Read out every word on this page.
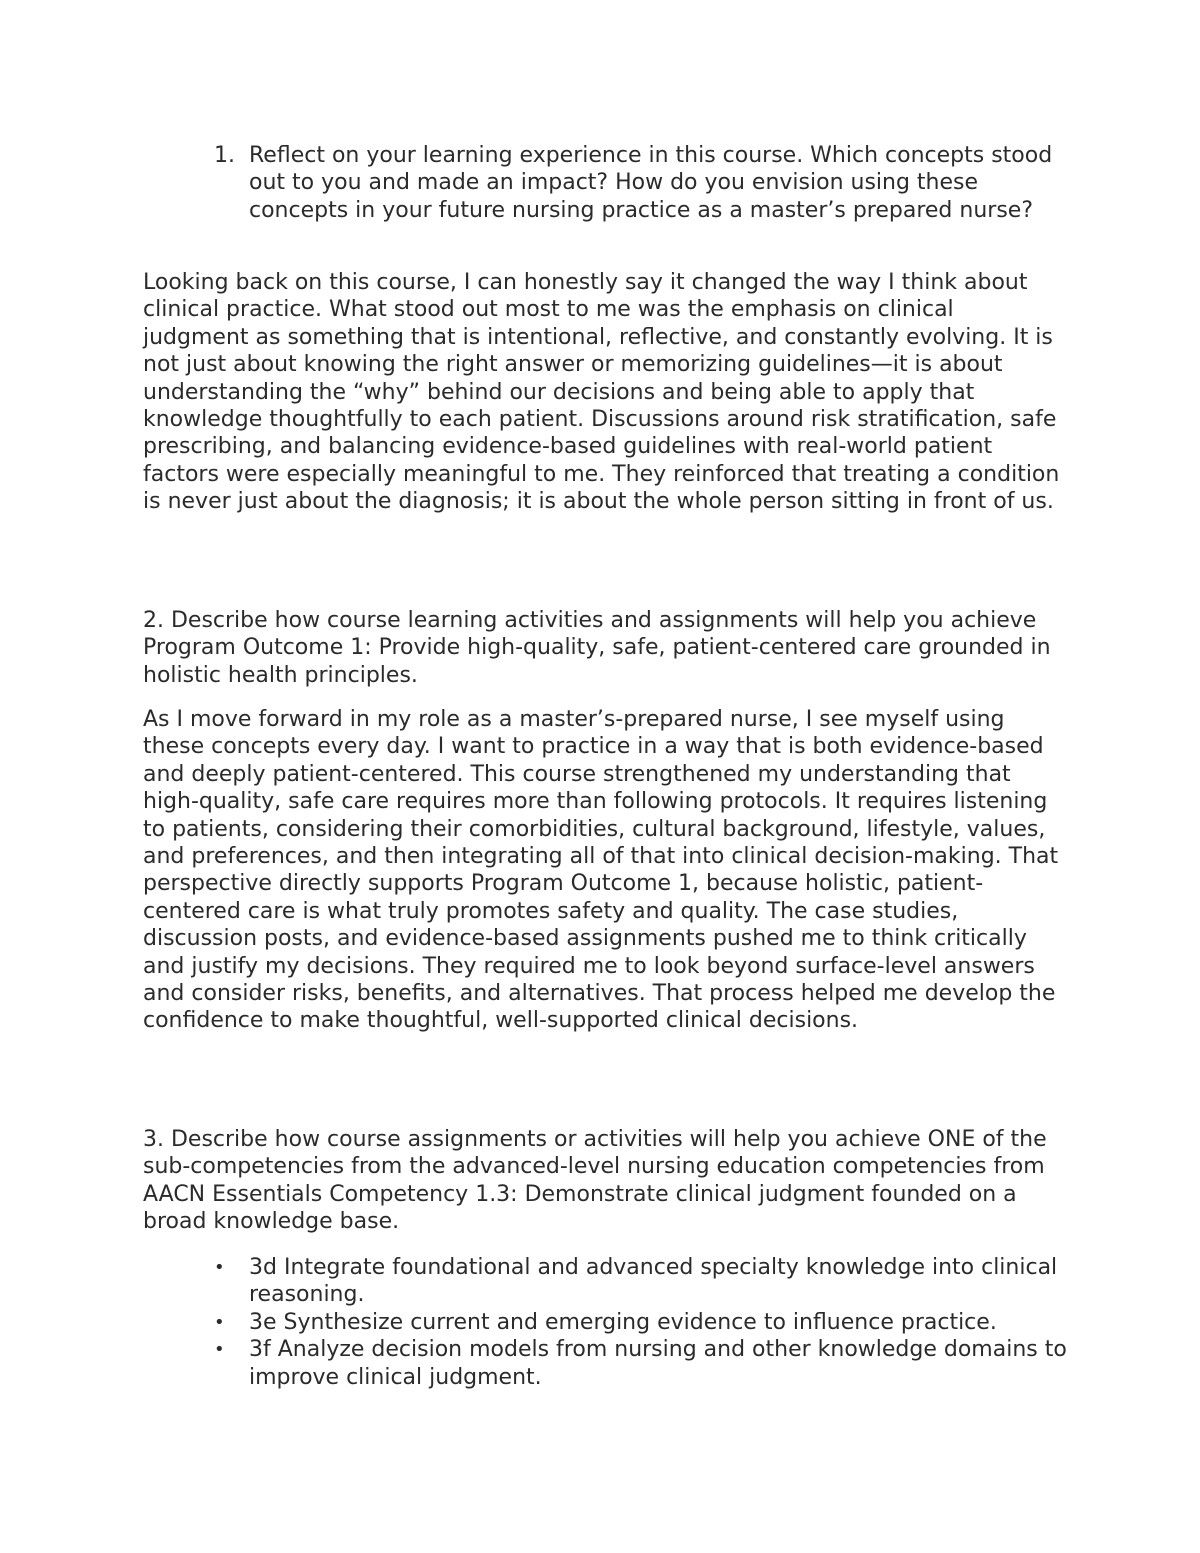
1. Reflect on your learning experience in this course. Which concepts stood out to you and made an impact? How do you envision using these concepts in your future nursing practice as a master’s prepared nurse?

Looking back on this course, I can honestly say it changed the way I think about clinical practice. What stood out most to me was the emphasis on clinical judgment as something that is intentional, reflective, and constantly evolving. It is not just about knowing the right answer or memorizing guidelines—it is about understanding the “why” behind our decisions and being able to apply that knowledge thoughtfully to each patient. Discussions around risk stratification, safe prescribing, and balancing evidence-based guidelines with real-world patient factors were especially meaningful to me. They reinforced that treating a condition is never just about the diagnosis; it is about the whole person sitting in front of us.

2. Describe how course learning activities and assignments will help you achieve Program Outcome 1: Provide high-quality, safe, patient-centered care grounded in holistic health principles.

As I move forward in my role as a master’s-prepared nurse, I see myself using these concepts every day. I want to practice in a way that is both evidence-based and deeply patient-centered. This course strengthened my understanding that high-quality, safe care requires more than following protocols. It requires listening to patients, considering their comorbidities, cultural background, lifestyle, values, and preferences, and then integrating all of that into clinical decision-making. That perspective directly supports Program Outcome 1, because holistic, patient-centered care is what truly promotes safety and quality. The case studies, discussion posts, and evidence-based assignments pushed me to think critically and justify my decisions. They required me to look beyond surface-level answers and consider risks, benefits, and alternatives. That process helped me develop the confidence to make thoughtful, well-supported clinical decisions.

3. Describe how course assignments or activities will help you achieve ONE of the sub-competencies from the advanced-level nursing education competencies from AACN Essentials Competency 1.3: Demonstrate clinical judgment founded on a broad knowledge base.

• 3d Integrate foundational and advanced specialty knowledge into clinical reasoning.
• 3e Synthesize current and emerging evidence to influence practice.
• 3f Analyze decision models from nursing and other knowledge domains to improve clinical judgment.
